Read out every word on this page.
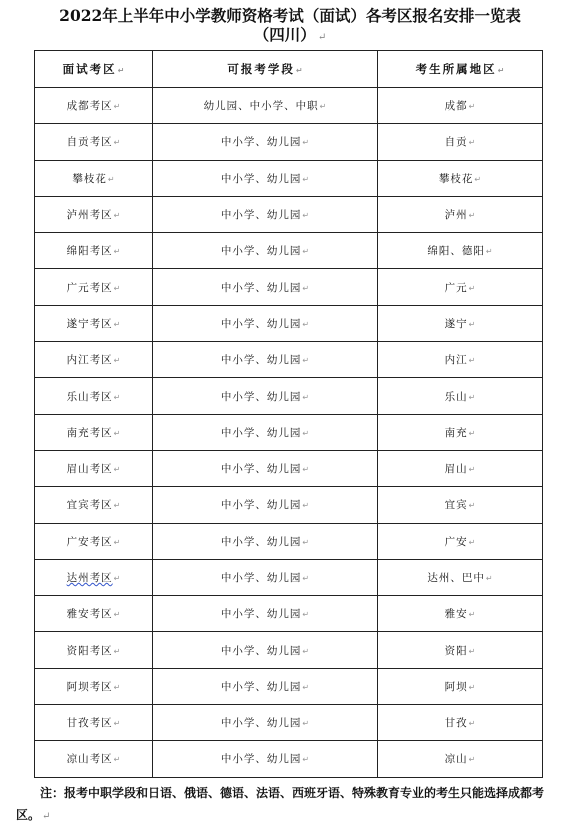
2022年上半年中小学教师资格考试（面试）各考区报名安排一览表
（四川） ↵
面试考区↵	可报考学段↵	考生所属地区↵
成都考区↵	幼儿园、中小学、中职↵	成都↵
自贡考区↵	中小学、幼儿园↵	自贡↵
攀枝花↵	中小学、幼儿园↵	攀枝花↵
泸州考区↵	中小学、幼儿园↵	泸州↵
绵阳考区↵	中小学、幼儿园↵	绵阳、德阳↵
广元考区↵	中小学、幼儿园↵	广元↵
遂宁考区↵	中小学、幼儿园↵	遂宁↵
内江考区↵	中小学、幼儿园↵	内江↵
乐山考区↵	中小学、幼儿园↵	乐山↵
南充考区↵	中小学、幼儿园↵	南充↵
眉山考区↵	中小学、幼儿园↵	眉山↵
宜宾考区↵	中小学、幼儿园↵	宜宾↵
广安考区↵	中小学、幼儿园↵	广安↵
达州考区↵	中小学、幼儿园↵	达州、巴中↵
雅安考区↵	中小学、幼儿园↵	雅安↵
资阳考区↵	中小学、幼儿园↵	资阳↵
阿坝考区↵	中小学、幼儿园↵	阿坝↵
甘孜考区↵	中小学、幼儿园↵	甘孜↵
凉山考区↵	中小学、幼儿园↵	凉山↵
注：报考中职学段和日语、俄语、德语、法语、西班牙语、特殊教育专业的考生只能选择成都考区。 ↵
